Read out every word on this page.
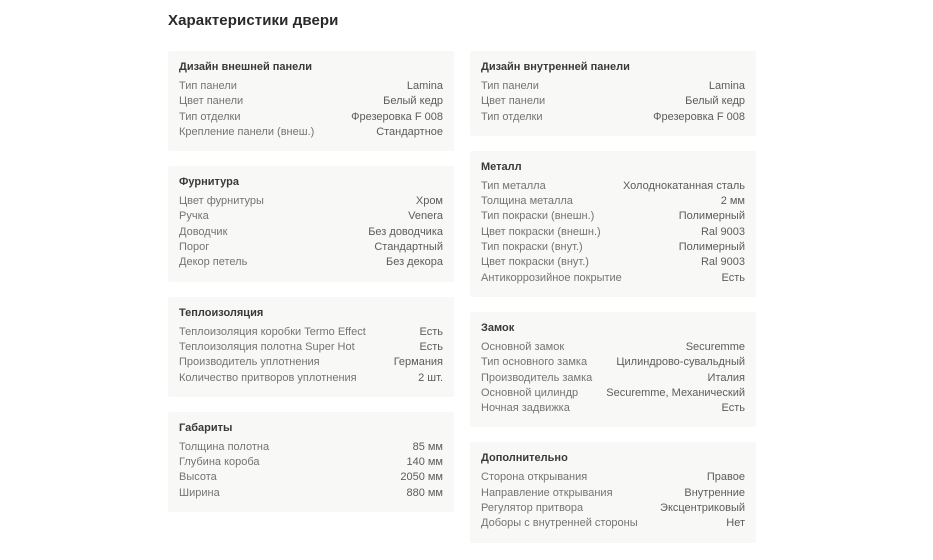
Характеристики двери
Дизайн внешней панели
Тип панели	Lamina
Цвет панели	Белый кедр
Тип отделки	Фрезеровка F 008
Крепление панели (внеш.)	Стандартное
Фурнитура
Цвет фурнитуры	Хром
Ручка	Venera
Доводчик	Без доводчика
Порог	Стандартный
Декор петель	Без декора
Теплоизоляция
Теплоизоляция коробки Termo Effect	Есть
Теплоизоляция полотна Super Hot	Есть
Производитель уплотнения	Германия
Количество притворов уплотнения	2 шт.
Габариты
Толщина полотна	85 мм
Глубина короба	140 мм
Высота	2050 мм
Ширина	880 мм
Дизайн внутренней панели
Тип панели	Lamina
Цвет панели	Белый кедр
Тип отделки	Фрезеровка F 008
Металл
Тип металла	Холоднокатанная сталь
Толщина металла	2 мм
Тип покраски (внешн.)	Полимерный
Цвет покраски (внешн.)	Ral 9003
Тип покраски (внут.)	Полимерный
Цвет покраски (внут.)	Ral 9003
Антикоррозийное покрытие	Есть
Замок
Основной замок	Securemme
Тип основного замка	Цилиндрово-сувальдный
Производитель замка	Италия
Основной цилиндр	Securemme, Механический
Ночная задвижка	Есть
Дополнительно
Сторона открывания	Правое
Направление открывания	Внутренние
Регулятор притвора	Эксцентриковый
Доборы с внутренней стороны	Нет
